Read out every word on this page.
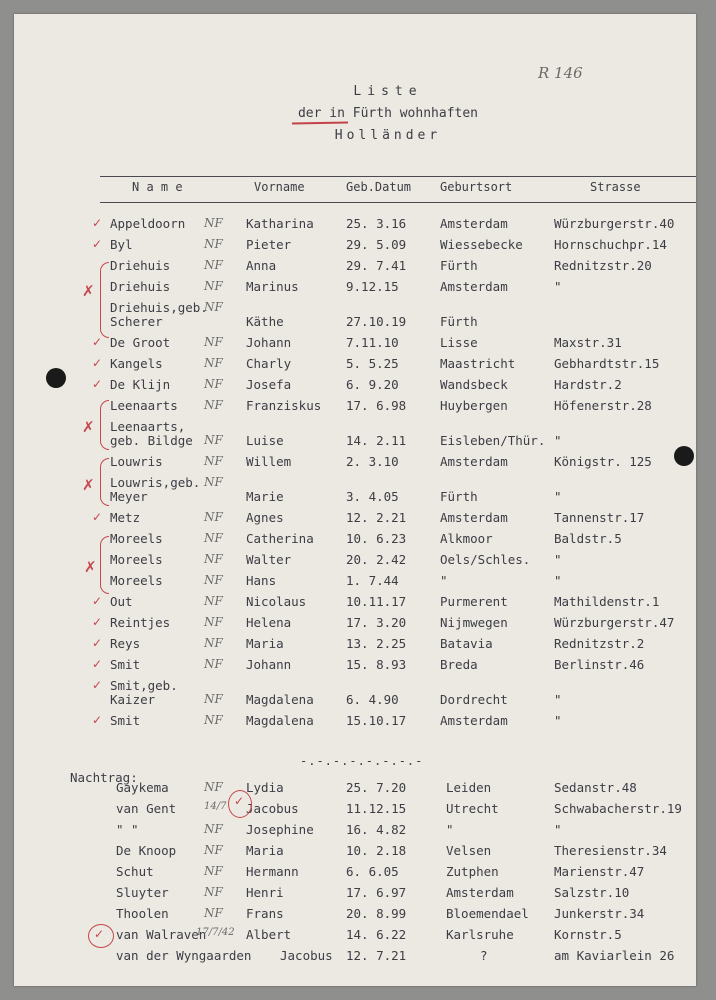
Liste
der in Fürth wohnhaften
Holländer
R 146
N a m e	Vorname	Geb.Datum Geburtsort	Strasse
Appeldoorn	Katharina	25. 3.16	Amsterdam	Würzburgerstr.40
NF
✓
Byl	Pieter	29. 5.09	Wiessebecke Hornschuchpr.14
NF
✓
Driehuis	Anna	29. 7.41	Fürth	Rednitzstr.20
NF
Driehuis	Marinus	9.12.15	Amsterdam	"
NF
Driehuis,geb.
NF
Scherer	Käthe	27.10.19	Fürth
De Groot	Johann	7.11.10	Lisse	Maxstr.31
NF
✓
Kangels	Charly	5. 5.25	Maastricht	Gebhardtstr.15
NF
✓
De Klijn	Josefa	6. 9.20	Wandsbeck	Hardstr.2
NF
✓
Leenaarts	Franziskus 17. 6.98	Huybergen	Höfenerstr.28
NF
Leenaarts,
geb. Bildge	Luise	14. 2.11	Eisleben/Thür. "
NF
Louwris	Willem	2. 3.10	Amsterdam	Königstr. 125
NF
Louwris,geb. NF
Meyer	Marie	3. 4.05	Fürth	"
Metz	Agnes	12. 2.21	Amsterdam	Tannenstr.17
NF
✓
Moreels	Catherina	10. 6.23	Alkmoor	Baldstr.5
NF
Moreels	Walter	20. 2.42	Oels/Schles. "
NF
Moreels	Hans	1. 7.44	"	"
NF
Out	Nicolaus	10.11.17	Purmerent	Mathildenstr.1
NF
✓
Reintjes	Helena	17. 3.20	Nijmwegen	Würzburgerstr.47
NF
✓
Reys	Maria	13. 2.25	Batavia	Rednitzstr.2
NF
✓
Smit	Johann	15. 8.93	Breda	Berlinstr.46
NF
✓
Smit,geb.
✓
Kaizer	Magdalena	6. 4.90	Dordrecht	"
NF
Smit	Magdalena	15.10.17	Amsterdam	"
NF
✓
✗
✗
✗
✗
-.-.-.-.-.-.-.-
Nachtrag:
Gaykema	Lydia	25. 7.20	Leiden	Sedanstr.48
NF
van Gent	Jacobus	11.12.15	Utrecht	Schwabacherstr.19
14/7
" "	Josephine	16. 4.82	"	"
NF
De Knoop	Maria	10. 2.18	Velsen	Theresienstr.34
NF
Schut	Hermann	6. 6.05	Zutphen	Marienstr.47
NF
Sluyter	Henri	17. 6.97	Amsterdam	Salzstr.10
NF
Thoolen	Frans	20. 8.99	Bloemendael Junkerstr.34
NF
van Walraven	Albert	14. 6.22	Karlsruhe	Kornstr.5
17/7/42
van der Wyngaarden Jacobus 12. 7.21	?	am Kaviarlein 26
✓
✓
